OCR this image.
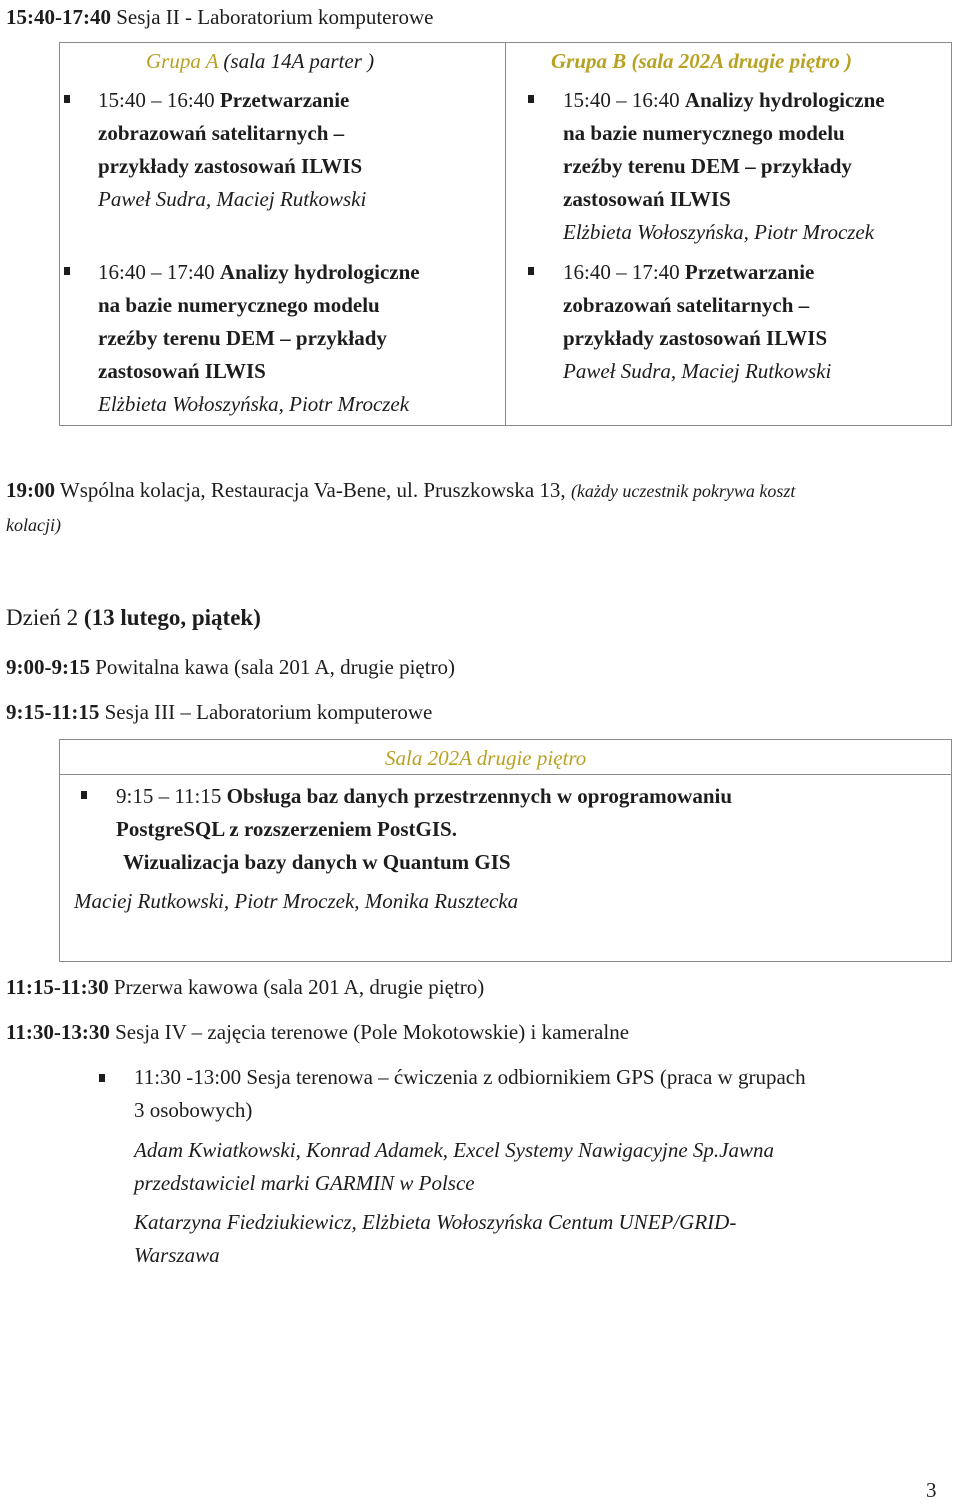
15:40-17:40 Sesja II - Laboratorium komputerowe
Grupa A (sala 14A parter )	Grupa B (sala 202A drugie piętro )
15:40 – 16:40 Przetwarzanie
zobrazowań satelitarnych –
przykłady zastosowań ILWIS
Paweł Sudra, Maciej Rutkowski
16:40 – 17:40 Analizy hydrologiczne
na bazie numerycznego modelu
rzeźby terenu DEM – przykłady
zastosowań ILWIS
Elżbieta Wołoszyńska, Piotr Mroczek
15:40 – 16:40 Analizy hydrologiczne
na bazie numerycznego modelu
rzeźby terenu DEM – przykłady
zastosowań ILWIS
Elżbieta Wołoszyńska, Piotr Mroczek
16:40 – 17:40 Przetwarzanie
zobrazowań satelitarnych –
przykłady zastosowań ILWIS
Paweł Sudra, Maciej Rutkowski
19:00 Wspólna kolacja, Restauracja Va-Bene, ul. Pruszkowska 13, (każdy uczestnik pokrywa koszt
kolacji)
Dzień 2 (13 lutego, piątek)
9:00-9:15 Powitalna kawa (sala 201 A, drugie piętro)
9:15-11:15 Sesja III – Laboratorium komputerowe
Sala 202A drugie piętro
9:15 – 11:15 Obsługa baz danych przestrzennych w oprogramowaniu
PostgreSQL z rozszerzeniem PostGIS.
Wizualizacja bazy danych w Quantum GIS
Maciej Rutkowski, Piotr Mroczek, Monika Rusztecka
11:15-11:30 Przerwa kawowa (sala 201 A, drugie piętro)
11:30-13:30 Sesja IV – zajęcia terenowe (Pole Mokotowskie) i kameralne
11:30 -13:00 Sesja terenowa – ćwiczenia z odbiornikiem GPS (praca w grupach
3 osobowych)
Adam Kwiatkowski, Konrad Adamek, Excel Systemy Nawigacyjne Sp.Jawna
przedstawiciel marki GARMIN w Polsce
Katarzyna Fiedziukiewicz, Elżbieta Wołoszyńska Centum UNEP/GRID-
Warszawa
3
